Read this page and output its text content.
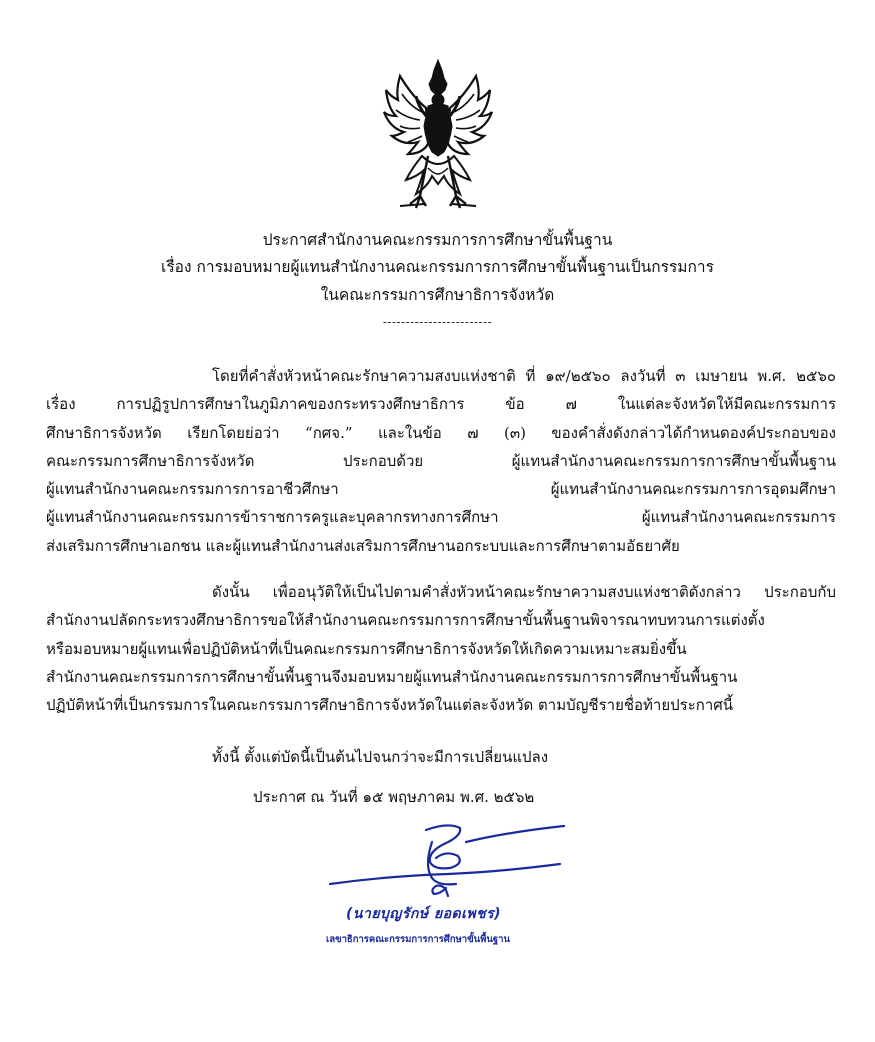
ประกาศสำนักงานคณะกรรมการการศึกษาขั้นพื้นฐาน
เรื่อง การมอบหมายผู้แทนสำนักงานคณะกรรมการการศึกษาขั้นพื้นฐานเป็นกรรมการ
ในคณะกรรมการศึกษาธิการจังหวัด
------------------------
โดยที่คำสั่งหัวหน้าคณะรักษาความสงบแห่งชาติ ที่ ๑๙/๒๕๖๐ ลงวันที่ ๓ เมษายน พ.ศ. ๒๕๖๐
เรื่อง การปฏิรูปการศึกษาในภูมิภาคของกระทรวงศึกษาธิการ ข้อ ๗ ในแต่ละจังหวัดให้มีคณะกรรมการ
ศึกษาธิการจังหวัด เรียกโดยย่อว่า “กศจ.” และในข้อ ๗ (๓) ของคำสั่งดังกล่าวได้กำหนดองค์ประกอบของ
คณะกรรมการศึกษาธิการจังหวัด ประกอบด้วย ผู้แทนสำนักงานคณะกรรมการการศึกษาขั้นพื้นฐาน
ผู้แทนสำนักงานคณะกรรมการการอาชีวศึกษา ผู้แทนสำนักงานคณะกรรมการการอุดมศึกษา
ผู้แทนสำนักงานคณะกรรมการข้าราชการครูและบุคลากรทางการศึกษา ผู้แทนสำนักงานคณะกรรมการ
ส่งเสริมการศึกษาเอกชน และผู้แทนสำนักงานส่งเสริมการศึกษานอกระบบและการศึกษาตามอัธยาศัย
ดังนั้น เพื่ออนุวัติให้เป็นไปตามคำสั่งหัวหน้าคณะรักษาความสงบแห่งชาติดังกล่าว ประกอบกับ
สำนักงานปลัดกระทรวงศึกษาธิการขอให้สำนักงานคณะกรรมการการศึกษาขั้นพื้นฐานพิจารณาทบทวนการแต่งตั้ง
หรือมอบหมายผู้แทนเพื่อปฏิบัติหน้าที่เป็นคณะกรรมการศึกษาธิการจังหวัดให้เกิดความเหมาะสมยิ่งขึ้น
สำนักงานคณะกรรมการการศึกษาขั้นพื้นฐานจึงมอบหมายผู้แทนสำนักงานคณะกรรมการการศึกษาขั้นพื้นฐาน
ปฏิบัติหน้าที่เป็นกรรมการในคณะกรรมการศึกษาธิการจังหวัดในแต่ละจังหวัด ตามบัญชีรายชื่อท้ายประกาศนี้
ทั้งนี้ ตั้งแต่บัดนี้เป็นต้นไปจนกว่าจะมีการเปลี่ยนแปลง
ประกาศ ณ วันที่ ๑๕ พฤษภาคม พ.ศ. ๒๕๖๒
(นายบุญรักษ์ ยอดเพชร)
เลขาธิการคณะกรรมการการศึกษาขั้นพื้นฐาน
